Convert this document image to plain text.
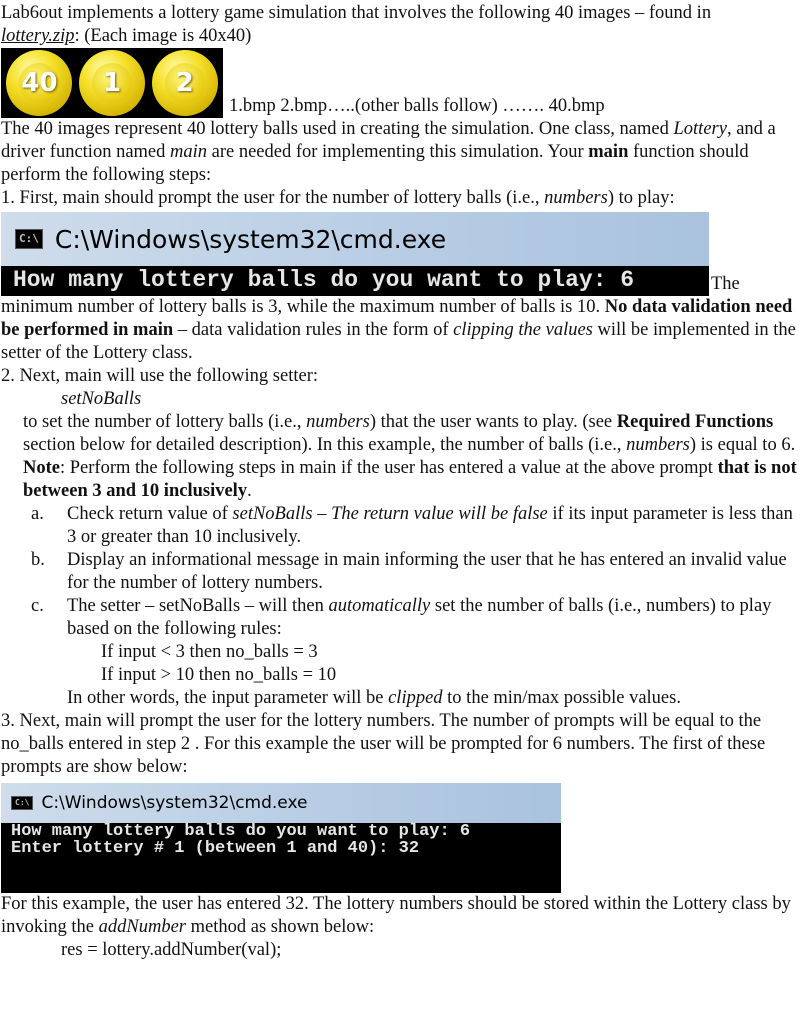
Lab6out implements a lottery game simulation that involves the following 40 images – found in
lottery.zip: (Each image is 40x40)

40	1	2
1.bmp 2.bmp…..(other balls follow) ……. 40.bmp

The 40 images represent 40 lottery balls used in creating the simulation. One class, named Lottery, and a driver function named main are needed for implementing this simulation. Your main function should perform the following steps:

1. First, main should prompt the user for the number of lottery balls (i.e., numbers) to play:

C:\ C:\Windows\system32\cmd.exe
How many lottery balls do you want to play: 6	The

minimum number of lottery balls is 3, while the maximum number of balls is 10. No data validation need be performed in main – data validation rules in the form of clipping the values will be implemented in the setter of the Lottery class.

2. Next, main will use the following setter:

setNoBalls

to set the number of lottery balls (i.e., numbers) that the user wants to play. (see Required Functions section below for detailed description). In this example, the number of balls (i.e., numbers) is equal to 6.

Note: Perform the following steps in main if the user has entered a value at the above prompt that is not between 3 and 10 inclusively.

a.	Check return value of setNoBalls – The return value will be false if its input parameter is less than 3 or greater than 10 inclusively.
b.	Display an informational message in main informing the user that he has entered an invalid value for the number of lottery numbers.
c.	The setter – setNoBalls – will then automatically set the number of balls (i.e., numbers) to play based on the following rules:

If input < 3 then no_balls = 3

If input > 10 then no_balls = 10

In other words, the input parameter will be clipped to the min/max possible values.

3. Next, main will prompt the user for the lottery numbers. The number of prompts will be equal to the no_balls entered in step 2 . For this example the user will be prompted for 6 numbers. The first of these prompts are show below:

C:\ C:\Windows\system32\cmd.exe
How many lottery balls do you want to play: 6
Enter lottery # 1 (between 1 and 40): 32

For this example, the user has entered 32. The lottery numbers should be stored within the Lottery class by invoking the addNumber method as shown below:

res = lottery.addNumber(val);
